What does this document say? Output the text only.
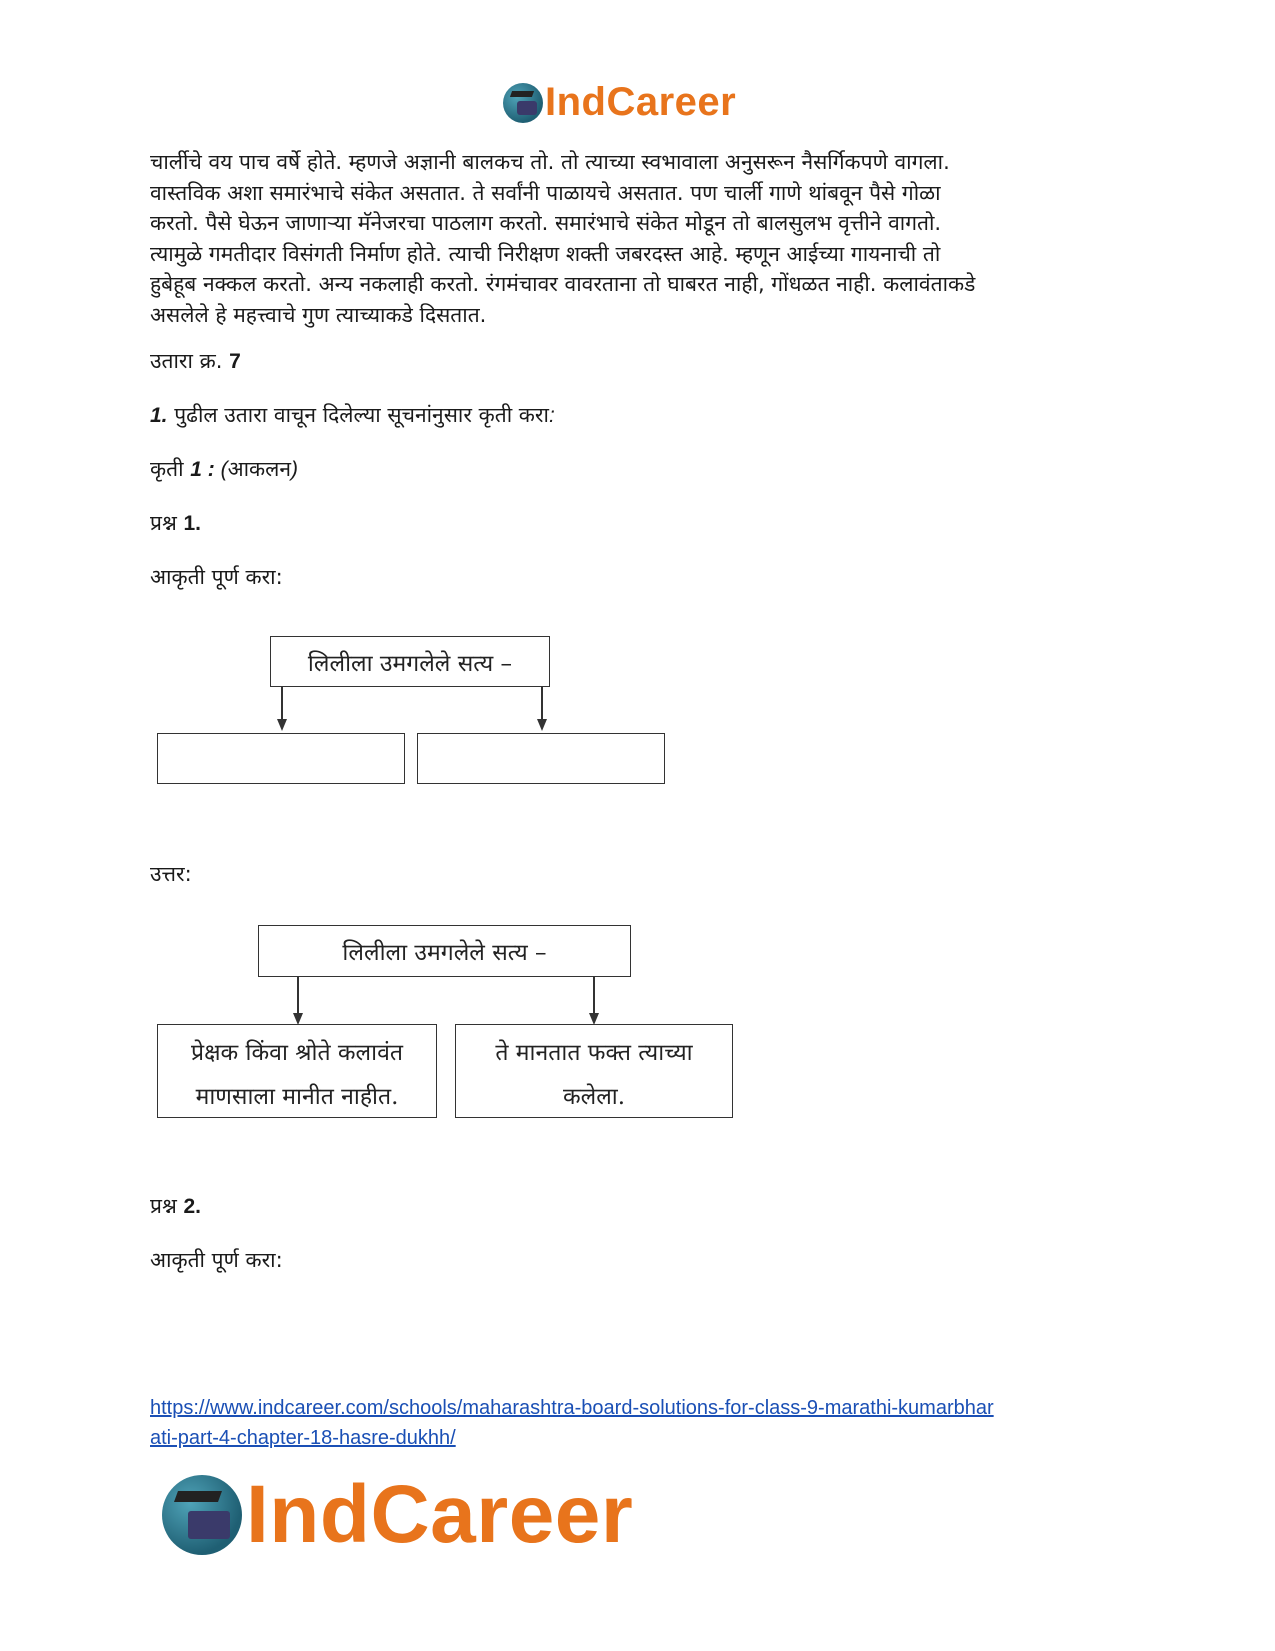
IndCareer
चार्लीचे वय पाच वर्षे होते. म्हणजे अज्ञानी बालकच तो. तो त्याच्या स्वभावाला अनुसरून नैसर्गिकपणे वागला.
वास्तविक अशा समारंभाचे संकेत असतात. ते सर्वांनी पाळायचे असतात. पण चार्ली गाणे थांबवून पैसे गोळा
करतो. पैसे घेऊन जाणाऱ्या मॅनेजरचा पाठलाग करतो. समारंभाचे संकेत मोडून तो बालसुलभ वृत्तीने वागतो.
त्यामुळे गमतीदार विसंगती निर्माण होते. त्याची निरीक्षण शक्ती जबरदस्त आहे. म्हणून आईच्या गायनाची तो
हुबेहूब नक्कल करतो. अन्य नकलाही करतो. रंगमंचावर वावरताना तो घाबरत नाही, गोंधळत नाही. कलावंताकडे
असलेले हे महत्त्वाचे गुण त्याच्याकडे दिसतात.
उतारा क्र. 7
1. पुढील उतारा वाचून दिलेल्या सूचनांनुसार कृती करा:
कृती 1 : (आकलन)
प्रश्न 1.
आकृती पूर्ण करा:
लिलीला उमगलेले सत्य –
उत्तर:
लिलीला उमगलेले सत्य –
प्रेक्षक किंवा श्रोते कलावंत
माणसाला मानीत नाहीत.
ते मानतात फक्त त्याच्या
कलेला.
प्रश्न 2.
आकृती पूर्ण करा:
https://www.indcareer.com/schools/maharashtra-board-solutions-for-class-9-marathi-kumarbhar
ati-part-4-chapter-18-hasre-dukhh/
IndCareer
